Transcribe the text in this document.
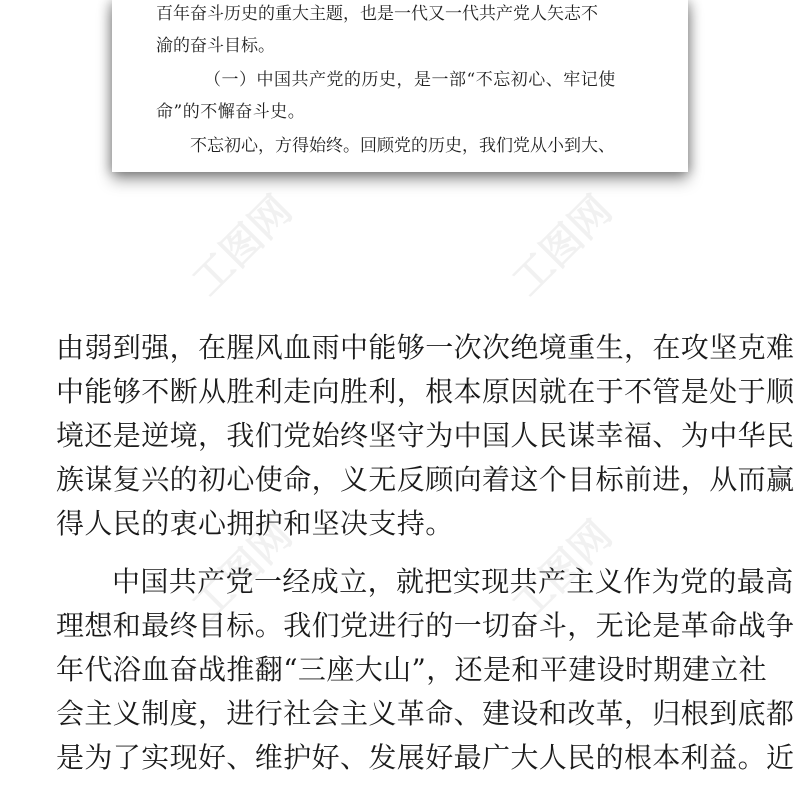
百年奋斗历史的重大主题，也是一代又一代共产党人矢志不
渝的奋斗目标。
（一）中国共产党的历史，是一部“不忘初心、牢记使
命”的不懈奋斗史。
不忘初心，方得始终。回顾党的历史，我们党从小到大、
工图网	工图网
工图网
工图网
由弱到强，在腥风血雨中能够一次次绝境重生，在攻坚克难
中能够不断从胜利走向胜利，根本原因就在于不管是处于顺
境还是逆境，我们党始终坚守为中国人民谋幸福、为中华民
族谋复兴的初心使命，义无反顾向着这个目标前进，从而赢
得人民的衷心拥护和坚决支持。
中国共产党一经成立，就把实现共产主义作为党的最高
理想和最终目标。我们党进行的一切奋斗，无论是革命战争
年代浴血奋战推翻“三座大山”，还是和平建设时期建立社
会主义制度，进行社会主义革命、建设和改革，归根到底都
是为了实现好、维护好、发展好最广大人民的根本利益。近
